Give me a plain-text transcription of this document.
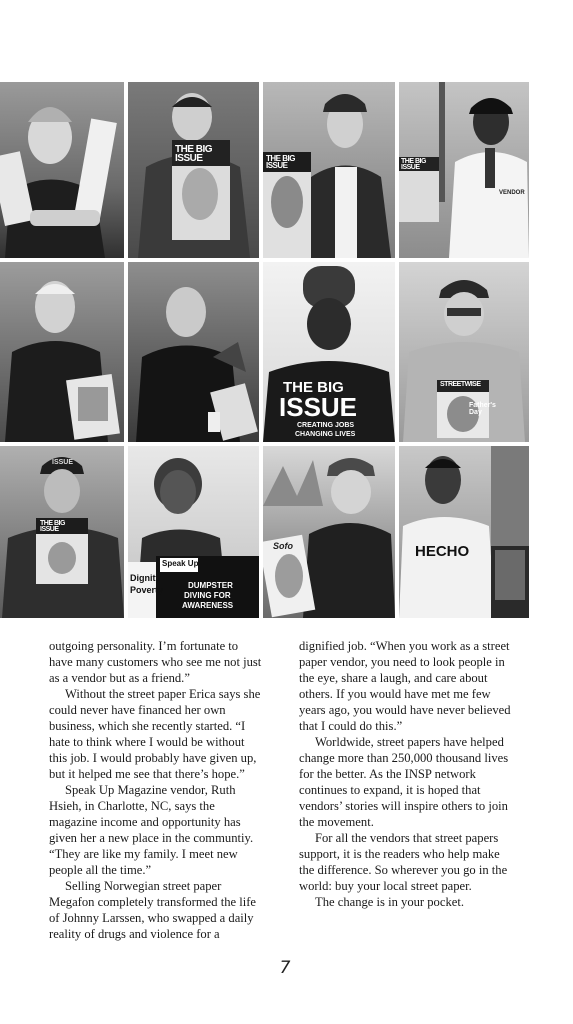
THE BIG ISSUE	THE BIG ISSUE	THE BIG ISSUE
VENDOR
THE BIG
ISSUE
CREATING JOBS
CHANGING LIVES
STREETWISE
Father's Day
ISSUE
THE BIG ISSUE
Dignity
Poverty
Speak Up
DUMPSTER
DIVING FOR
AWARENESS
Sofo	HECHO

outgoing personality. I’m fortunate to have many customers who see me not just as a vendor but as a friend.”

Without the street paper Erica says she could never have financed her own business, which she recently started. “I hate to think where I would be without this job. I would probably have given up, but it helped me see that there’s hope.”

Speak Up Magazine vendor, Ruth Hsieh, in Charlotte, NC, says the magazine income and opportunity has given her a new place in the communtiy. “They are like my family. I meet new people all the time.”

Selling Norwegian street paper Megafon completely transformed the life of Johnny Larssen, who swapped a daily reality of drugs and violence for a

dignified job. “When you work as a street paper vendor, you need to look people in the eye, share a laugh, and care about others. If you would have met me few years ago, you would have never believed that I could do this.”

Worldwide, street papers have helped change more than 250,000 thousand lives for the better. As the INSP network continues to expand, it is hoped that vendors’ stories will inspire others to join the movement.

For all the vendors that street papers support, it is the readers who help make the difference. So wherever you go in the world: buy your local street paper.

The change is in your pocket.

7
